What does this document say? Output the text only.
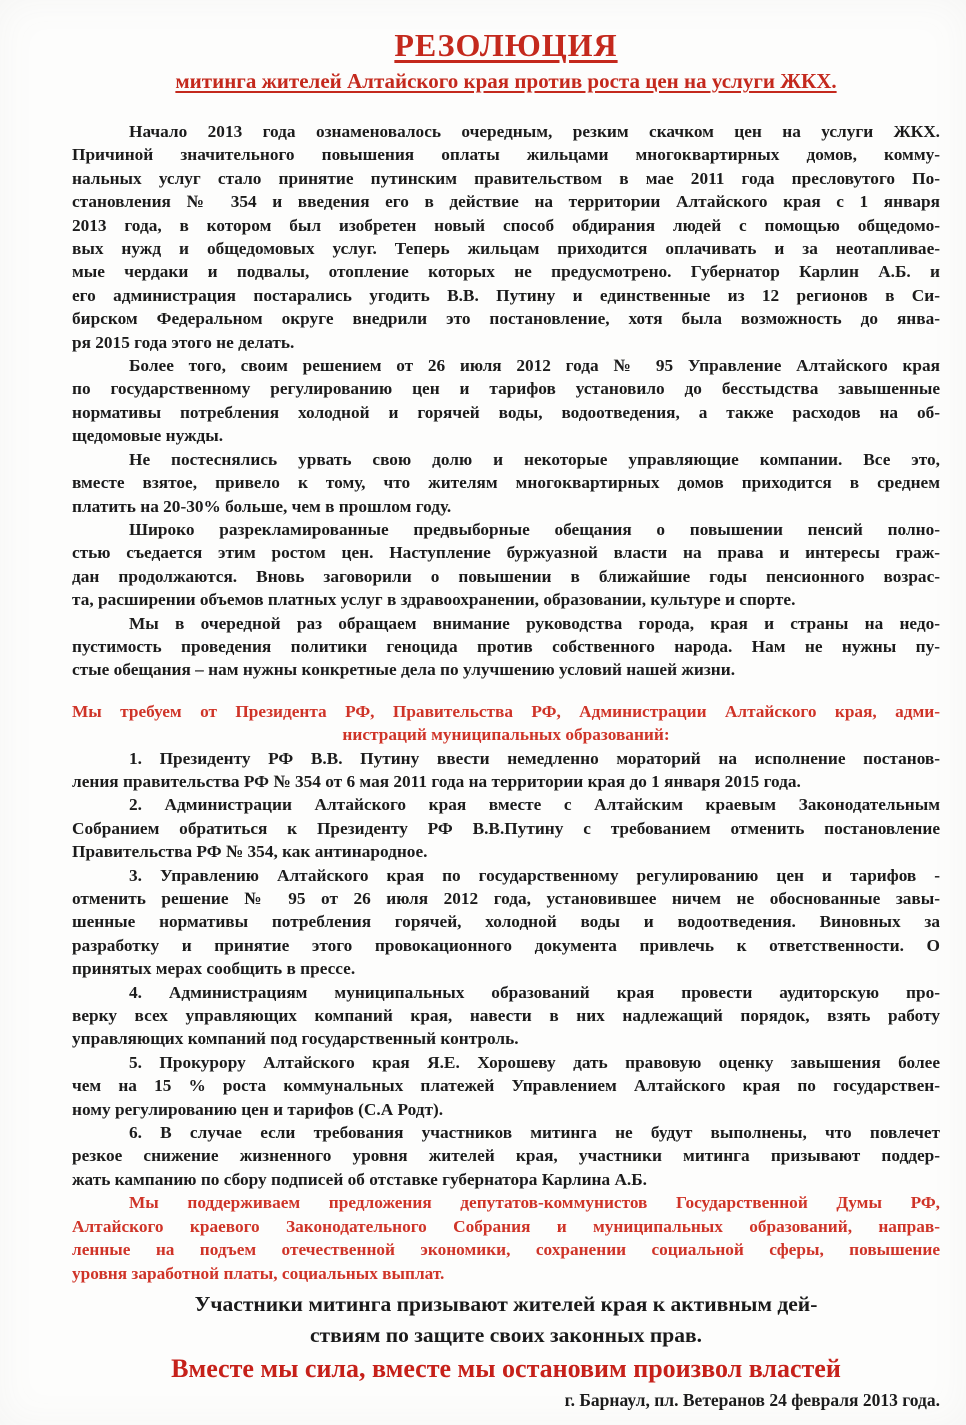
РЕЗОЛЮЦИЯ
митинга жителей Алтайского края против роста цен на услуги ЖКХ.
Начало 2013 года ознаменовалось очередным, резким скачком цен на услуги ЖКХ.
Причиной значительного повышения оплаты жильцами многоквартирных домов, комму-
нальных услуг стало принятие путинским правительством в мае 2011 года пресловутого По-
становления № 354 и введения его в действие на территории Алтайского края с 1 января
2013 года, в котором был изобретен новый способ обдирания людей с помощью общедомо-
вых нужд и общедомовых услуг. Теперь жильцам приходится оплачивать и за неотапливае-
мые чердаки и подвалы, отопление которых не предусмотрено. Губернатор Карлин А.Б. и
его администрация постарались угодить В.В. Путину и единственные из 12 регионов в Си-
бирском Федеральном округе внедрили это постановление, хотя была возможность до янва-
ря 2015 года этого не делать.
Более того, своим решением от 26 июля 2012 года № 95 Управление Алтайского края
по государственному регулированию цен и тарифов установило до бесстыдства завышенные
нормативы потребления холодной и горячей воды, водоотведения, а также расходов на об-
щедомовые нужды.
Не постеснялись урвать свою долю и некоторые управляющие компании. Все это,
вместе взятое, привело к тому, что жителям многоквартирных домов приходится в среднем
платить на 20-30% больше, чем в прошлом году.
Широко разрекламированные предвыборные обещания о повышении пенсий полно-
стью съедается этим ростом цен. Наступление буржуазной власти на права и интересы граж-
дан продолжаются. Вновь заговорили о повышении в ближайшие годы пенсионного возрас-
та, расширении объемов платных услуг в здравоохранении, образовании, культуре и спорте.
Мы в очередной раз обращаем внимание руководства города, края и страны на недо-
пустимость проведения политики геноцида против собственного народа. Нам не нужны пу-
стые обещания – нам нужны конкретные дела по улучшению условий нашей жизни.
Мы требуем от Президента РФ, Правительства РФ, Администрации Алтайского края, адми-
нистраций муниципальных образований:
1. Президенту РФ В.В. Путину ввести немедленно мораторий на исполнение постанов-
ления правительства РФ № 354 от 6 мая 2011 года на территории края до 1 января 2015 года.
2. Администрации Алтайского края вместе с Алтайским краевым Законодательным
Собранием обратиться к Президенту РФ В.В.Путину с требованием отменить постановление
Правительства РФ № 354, как антинародное.
3. Управлению Алтайского края по государственному регулированию цен и тарифов -
отменить решение № 95 от 26 июля 2012 года, установившее ничем не обоснованные завы-
шенные нормативы потребления горячей, холодной воды и водоотведения. Виновных за
разработку и принятие этого провокационного документа привлечь к ответственности. О
принятых мерах сообщить в прессе.
4. Администрациям муниципальных образований края провести аудиторскую про-
верку всех управляющих компаний края, навести в них надлежащий порядок, взять работу
управляющих компаний под государственный контроль.
5. Прокурору Алтайского края Я.Е. Хорошеву дать правовую оценку завышения более
чем на 15 % роста коммунальных платежей Управлением Алтайского края по государствен-
ному регулированию цен и тарифов (С.А Родт).
6. В случае если требования участников митинга не будут выполнены, что повлечет
резкое снижение жизненного уровня жителей края, участники митинга призывают поддер-
жать кампанию по сбору подписей об отставке губернатора Карлина А.Б.
Мы поддерживаем предложения депутатов-коммунистов Государственной Думы РФ,
Алтайского краевого Законодательного Собрания и муниципальных образований, направ-
ленные на подъем отечественной экономики, сохранении социальной сферы, повышение
уровня заработной платы, социальных выплат.
Участники митинга призывают жителей края к активным дей-
ствиям по защите своих законных прав.
Вместе мы сила, вместе мы остановим произвол властей
г. Барнаул, пл. Ветеранов 24 февраля 2013 года.
